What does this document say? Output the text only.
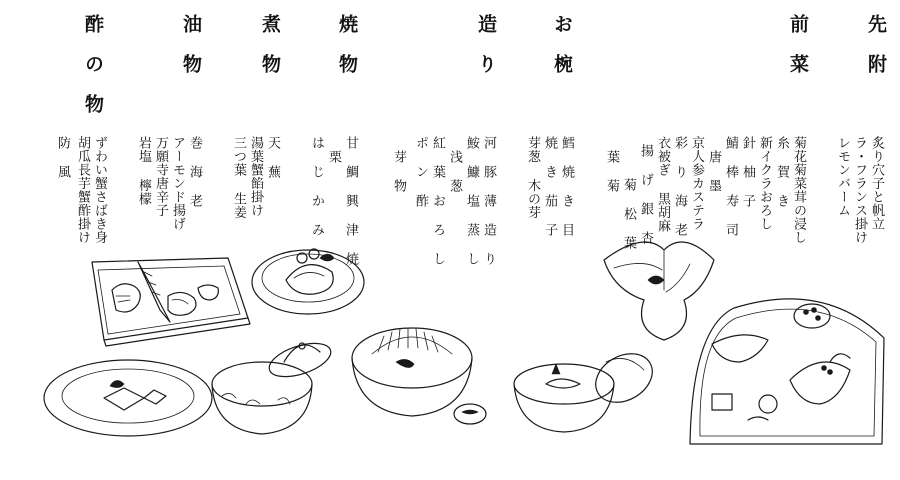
先附
前菜
お椀
造り
焼物
煮物
油物
酢の物
炙り穴子と帆立
ラ・フランス掛け
レモンバーム
菊花菊菜茸の浸し
糸 賀 き
新イクラおろし
針 柚 子
鯖 棒 寿 司
唐 墨
京人参カステラ
彩 り 海 老
衣被ぎ 黒胡麻
揚 げ 銀 杏
菊 松 葉
葉 菊
鱈 焼 き 目
焼 き 茄 子
芽葱 木の芽
河 豚 薄 造 り
鮟 鱇 塩 蒸 し
浅 葱
紅 葉 お ろ し
ポ ン 酢
芽 物
甘 鯛 興 津 焼
栗
は じ か み
天 蕪
湯葉蟹餡掛け
三つ葉 生姜
巻 海 老
アーモンド揚げ
万願寺唐辛子
岩塩 檸檬
ずわい蟹さばき身
胡瓜長芋蟹酢掛け
防 風
